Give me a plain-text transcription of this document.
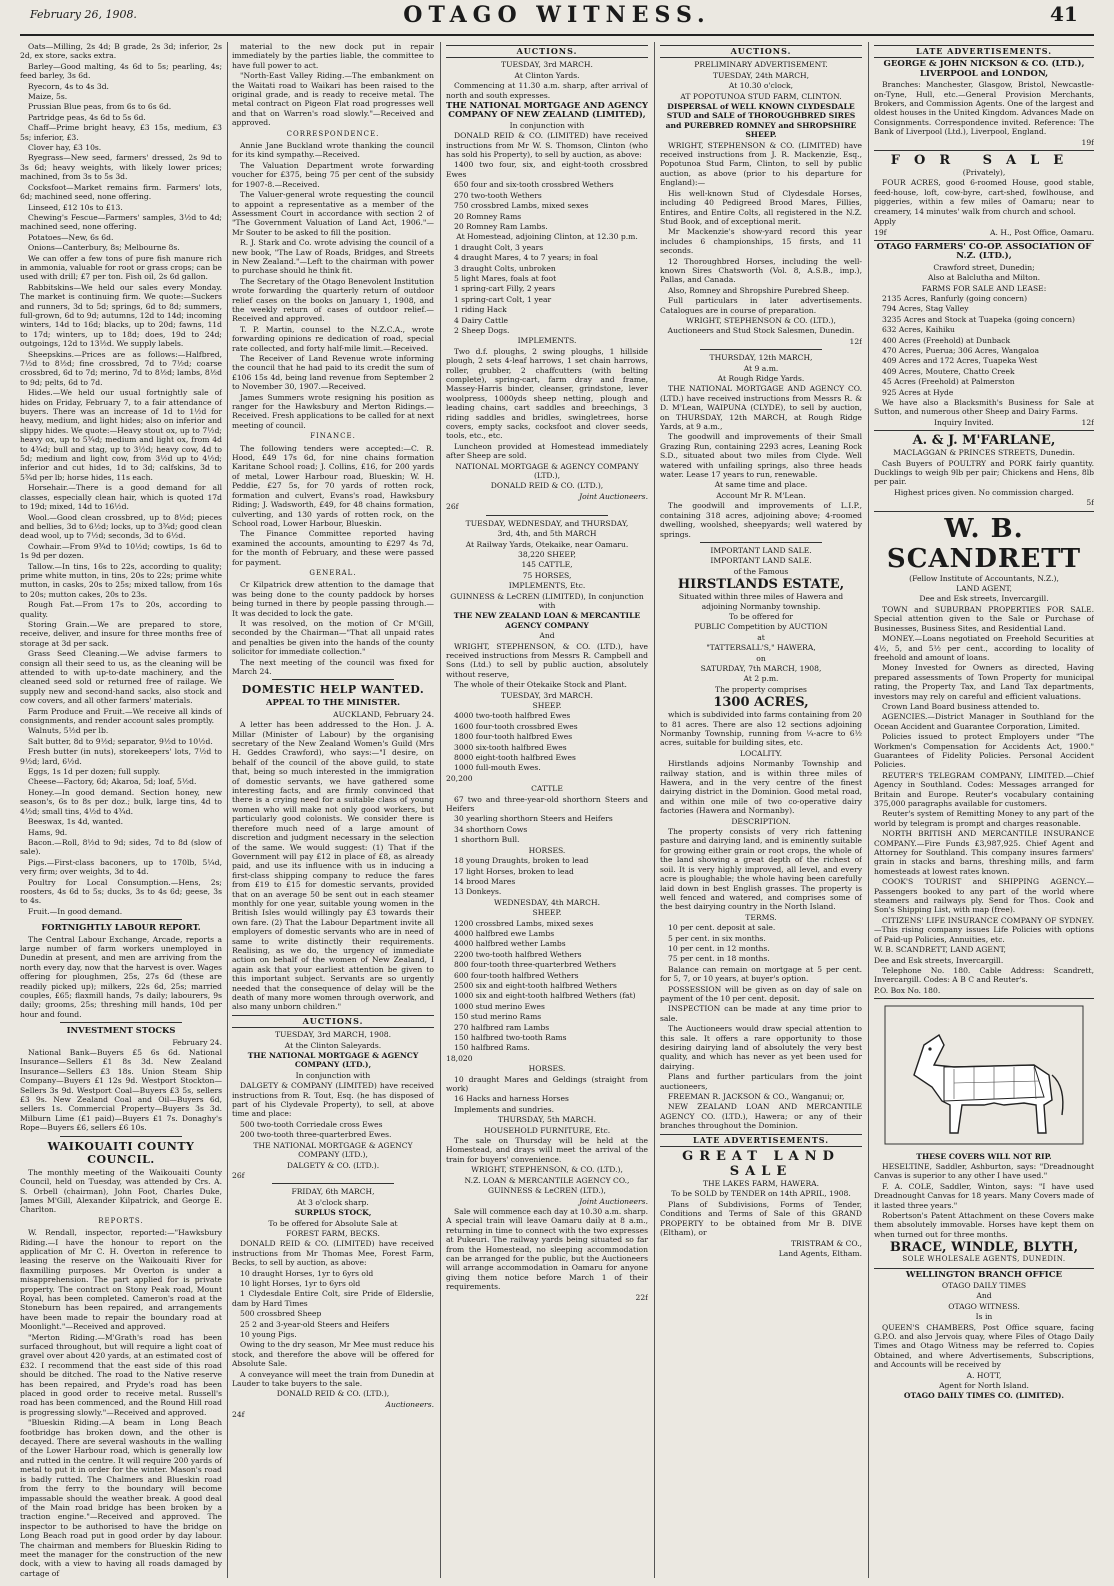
February 26, 1908.	OTAGO WITNESS.	41

Oats—Milling, 2s 4d; B grade, 2s 3d; inferior, 2s 2d, ex store, sacks extra.

Barley—Good malting, 4s 6d to 5s; pearling, 4s; feed barley, 3s 6d.

Ryecorn, 4s to 4s 3d.

Maize, 5s.

Prussian Blue peas, from 6s to 6s 6d.

Partridge peas, 4s 6d to 5s 6d.

Chaff—Prime bright heavy, £3 15s, medium, £3 5s; inferior, £3.

Clover hay, £3 10s.

Ryegrass—New seed, farmers' dressed, 2s 9d to 3s 6d; heavy weights, with likely lower prices; machined, from 3s to 5s 3d.

Cocksfoot—Market remains firm. Farmers' lots, 6d; machined seed, none offering.

Linseed, £12 10s to £13.

Chewing's Fescue—Farmers' samples, 3½d to 4d; machined seed, none offering.

Potatoes—New, 6s 6d.

Onions—Canterbury, 8s; Melbourne 8s.

We can offer a few tons of pure fish manure rich in ammonia, valuable for root or grass crops; can be used with drill; £7 per ton. Fish oil, 2s 6d gallon.

Rabbitskins—We held our sales every Monday. The market is continuing firm. We quote:—Suckers and runners, 3d to 5d; springs, 6d to 8d; summers, full-grown, 6d to 9d; autumns, 12d to 14d; incoming winters, 14d to 16d; blacks, up to 20d; fawns, 11d to 17d; winters, up to 18d; does, 19d to 24d; outgoings, 12d to 13½d. We supply labels.

Sheepskins.—Prices are as follows:—Halfbred, 7½d to 8½d; fine crossbred, 7d to 7½d; coarse crossbred, 6d to 7d; merino, 7d to 8½d; lambs, 8½d to 9d; pelts, 6d to 7d.

Hides.—We held our usual fortnightly sale of hides on Friday, February 7, to a fair attendance of buyers. There was an increase of 1d to 1½d for heavy, medium, and light hides; also on inferior and slippy hides. We quote:—Heavy stout ox, up to 7½d; heavy ox, up to 5¾d; medium and light ox, from 4d to 4¾d; bull and stag, up to 3½d; heavy cow, 4d to 5d; medium and light cow, from 3½d up to 4½d; inferior and cut hides, 1d to 3d; calfskins, 3d to 5¾d per lb; horse hides, 11s each.

Horsehair.—There is a good demand for all classes, especially clean hair, which is quoted 17d to 19d; mixed, 14d to 16½d.

Wool.—Good clean crossbred, up to 8½d; pieces and bellies, 3d to 6½d; locks, up to 3¾d; good clean dead wool, up to 7½d; seconds, 3d to 6½d.

Cowhair.—From 9¾d to 10½d; cowtips, 1s 6d to 1s 9d per dozen.

Tallow.—In tins, 16s to 22s, according to quality; prime white mutton, in tins, 20s to 22s; prime white mutton, in casks, 20s to 25s; mixed tallow, from 16s to 20s; mutton cakes, 20s to 23s.

Rough Fat.—From 17s to 20s, according to quality.

Storing Grain.—We are prepared to store, receive, deliver, and insure for three months free of storage at 3d per sack.

Grass Seed Cleaning.—We advise farmers to consign all their seed to us, as the cleaning will be attended to with up-to-date machinery, and the cleaned seed sold or returned free of railage. We supply new and second-hand sacks, also stock and cow covers, and all other farmers' materials.

Farm Produce and Fruit.—We receive all kinds of consignments, and render account sales promptly.

Walnuts, 5½d per lb.

Salt butter, 8d to 9½d; separator, 9½d to 10½d.

Fresh butter (in nuts), storekeepers' lots, 7½d to 9½d; lard, 6½d.

Eggs, 1s 1d per dozen; full supply.

Cheese—Factory, 6d; Akaroa, 5d; loaf, 5½d.

Honey.—In good demand. Section honey, new season's, 6s to 8s per doz.; bulk, large tins, 4d to 4½d; small tins, 4½d to 4¾d.

Beeswax, 1s 4d, wanted.

Hams, 9d.

Bacon.—Roll, 8½d to 9d; sides, 7d to 8d (slow of sale).

Pigs.—First-class baconers, up to 170lb, 5¼d, very firm; over weights, 3d to 4d.

Poultry for Local Consumption.—Hens, 2s; roosters, 4s 6d to 5s; ducks, 3s to 4s 6d; geese, 3s to 4s.

Fruit.—In good demand.

FORTNIGHTLY LABOUR REPORT.

The Central Labour Exchange, Arcade, reports a large number of farm workers unemployed in Dunedin at present, and men are arriving from the north every day, now that the harvest is over. Wages offering for ploughmen, 25s, 27s 6d (these are readily picked up); milkers, 22s 6d, 25s; married couples, £65; flaxmill hands, 7s daily; labourers, 9s daily; grooms, 25s; threshing mill hands, 10d per hour and found.

INVESTMENT STOCKS

February 24.

National Bank—Buyers £5 6s 6d. National Insurance—Sellers £1 8s 3d. New Zealand Insurance—Sellers £3 18s. Union Steam Ship Company—Buyers £1 12s 9d. Westport Stockton—Sellers 3s 9d. Westport Coal—Buyers £3 5s, sellers £3 9s. New Zealand Coal and Oil—Buyers 6d, sellers 1s. Commercial Property—Buyers 3s 3d. Milburn Lime (£1 paid)—Buyers £1 7s. Donaghy's Rope—Buyers £6, sellers £6 10s.

WAIKOUAITI COUNTY COUNCIL.

The monthly meeting of the Waikouaiti County Council, held on Tuesday, was attended by Crs. A. S. Orbell (chairman), John Foot, Charles Duke, James M'Gill, Alexander Kilpatrick, and George E. Charlton.

REPORTS.

W. Rendall, inspector, reported:—"Hawksbury Riding.—I have the honour to report on the application of Mr C. H. Overton in reference to leasing the reserve on the Waikouaiti River for flaxmilling purposes. Mr Overton is under a misapprehension. The part applied for is private property. The contract on Stony Peak road, Mount Royal, has been completed. Cameron's road at the Stoneburn has been repaired, and arrangements have been made to repair the boundary road at Moonlight."—Received and approved.

"Merton Riding.—M'Grath's road has been surfaced throughout, but will require a light coat of gravel over about 420 yards, at an estimated cost of £32. I recommend that the east side of this road should be ditched. The road to the Native reserve has been repaired, and Pryde's road has been placed in good order to receive metal. Russell's road has been commenced, and the Round Hill road is progressing slowly."—Received and approved.

"Blueskin Riding.—A beam in Long Beach footbridge has broken down, and the other is decayed. There are several washouts in the walling of the Lower Harbour road, which is generally low and rutted in the centre. It will require 200 yards of metal to put it in order for the winter. Mason's road is badly rutted. The Chalmers and Blueskin road from the ferry to the boundary will become impassable should the weather break. A good deal of the Main road bridge has been broken by a traction engine."—Received and approved. The inspector to be authorised to have the bridge on Long Beach road put in good order by day labour. The chairman and members for Blueskin Riding to meet the manager for the construction of the new dock, with a view to having all roads damaged by cartage of

material to the new dock put in repair immediately by the parties liable, the committee to have full power to act.

"North-East Valley Riding.—The embankment on the Waitati road to Waikari has been raised to the original grade, and is ready to receive metal. The metal contract on Pigeon Flat road progresses well and that on Warren's road slowly."—Received and approved.

CORRESPONDENCE.

Annie Jane Buckland wrote thanking the council for its kind sympathy.—Received.

The Valuation Department wrote forwarding voucher for £375, being 75 per cent of the subsidy for 1907-8.—Received.

The Valuer-general wrote requesting the council to appoint a representative as a member of the Assessment Court in accordance with section 2 of "The Government Valuation of Land Act, 1906."—Mr Souter to be asked to fill the position.

R. J. Stark and Co. wrote advising the council of a new book, "The Law of Roads, Bridges, and Streets in New Zealand."—Left to the chairman with power to purchase should he think fit.

The Secretary of the Otago Benevolent Institution wrote forwarding the quarterly return of outdoor relief cases on the books on January 1, 1908, and the weekly return of cases of outdoor relief.—Received and approved.

T. P. Martin, counsel to the N.Z.C.A., wrote forwarding opinions re dedication of road, special rate collected, and forty half-mile limit.—Received.

The Receiver of Land Revenue wrote informing the council that he had paid to its credit the sum of £106 15s 4d, being land revenue from September 2 to November 30, 1907.—Received.

James Summers wrote resigning his position as ranger for the Hawksbury and Merton Ridings.—Received. Fresh applications to be called for at next meeting of council.

FINANCE.

The following tenders were accepted:—C. R. Hood, £49 17s 6d, for nine chains formation Karitane School road; J. Collins, £16, for 200 yards of metal, Lower Harbour road, Blueskin; W. H. Peddie, £27 5s, for 70 yards of rotten rock, formation and culvert, Evans's road, Hawksbury Riding; J. Wadsworth, £49, for 48 chains formation, culverting, and 130 yards of rotten rock, on the School road, Lower Harbour, Blueskin.

The Finance Committee reported having examined the accounts, amounting to £297 4s 7d, for the month of February, and these were passed for payment.

GENERAL.

Cr Kilpatrick drew attention to the damage that was being done to the county paddock by horses being turned in there by people passing through.—It was decided to lock the gate.

It was resolved, on the motion of Cr M'Gill, seconded by the Chairman—"That all unpaid rates and penalties be given into the hands of the county solicitor for immediate collection."

The next meeting of the council was fixed for March 24.

DOMESTIC HELP WANTED.
APPEAL TO THE MINISTER.

AUCKLAND, February 24.

A letter has been addressed to the Hon. J. A. Millar (Minister of Labour) by the organising secretary of the New Zealand Women's Guild (Mrs H. Geddes Crawford), who says:—"I desire, on behalf of the council of the above guild, to state that, being so much interested in the immigration of domestic servants, we have gathered some interesting facts, and are firmly convinced that there is a crying need for a suitable class of young women who will make not only good workers, but particularly good colonists. We consider there is therefore much need of a large amount of discretion and judgment necessary in the selection of the same. We would suggest: (1) That if the Government will pay £12 in place of £8, as already paid, and use its influence with us in inducing a first-class shipping company to reduce the fares from £19 to £15 for domestic servants, provided that on an average 50 be sent out in each steamer monthly for one year, suitable young women in the British Isles would willingly pay £3 towards their own fare. (2) That the Labour Department invite all employers of domestic servants who are in need of same to write distinctly their requirements. Realising, as we do, the urgency of immediate action on behalf of the women of New Zealand, I again ask that your earliest attention be given to this important subject. Servants are so urgently needed that the consequence of delay will be the death of many more women through overwork, and also many unborn children."

AUCTIONS.

TUESDAY, 3rd MARCH, 1908.

At the Clinton Saleyards.

THE NATIONAL MORTGAGE & AGENCY COMPANY (LTD.),

In conjunction with

DALGETY & COMPANY (LIMITED) have received instructions from R. Tout, Esq. (he has disposed of part of his Clydevale Property), to sell, at above time and place:

500 two-tooth Corriedale cross Ewes

200 two-tooth three-quarterbred Ewes.

THE NATIONAL MORTGAGE & AGENCY COMPANY (LTD.),

DALGETY & CO. (LTD.).

26f

FRIDAY, 6th MARCH,

At 3 o'clock sharp.

SURPLUS STOCK,

To be offered for Absolute Sale at

FOREST FARM, BECKS.

DONALD REID & CO. (LIMITED) have received instructions from Mr Thomas Mee, Forest Farm, Becks, to sell by auction, as above:

10 draught Horses, 1yr to 6yrs old

10 light Horses, 1yr to 6yrs old

1 Clydesdale Entire Colt, sire Pride of Elderslie, dam by Hard Times

500 crossbred Sheep

25 2 and 3-year-old Steers and Heifers

10 young Pigs.

Owing to the dry season, Mr Mee must reduce his stock, and therefore the above will be offered for Absolute Sale.

A conveyance will meet the train from Dunedin at Lauder to take buyers to the sale.

DONALD REID & CO. (LTD.),

Auctioneers.

24f

AUCTIONS.

TUESDAY, 3rd MARCH.

At Clinton Yards.

Commencing at 11.30 a.m. sharp, after arrival of north and south expresses.

THE NATIONAL MORTGAGE AND AGENCY COMPANY OF NEW ZEALAND (LIMITED),

In conjunction with

DONALD REID & CO. (LIMITED) have received instructions from Mr W. S. Thomson, Clinton (who has sold his Property), to sell by auction, as above:

1400 two four, six, and eight-tooth crossbred Ewes

650 four and six-tooth crossbred Wethers

270 two-tooth Wethers

750 crossbred Lambs, mixed sexes

20 Romney Rams

20 Romney Ram Lambs.

At Homestead, adjoining Clinton, at 12.30 p.m.

1 draught Colt, 3 years

4 draught Mares, 4 to 7 years; in foal

3 draught Colts, unbroken

5 light Mares, foals at foot

1 spring-cart Filly, 2 years

1 spring-cart Colt, 1 year

1 riding Hack

4 Dairy Cattle

2 Sheep Dogs.

IMPLEMENTS.

Two d.f. ploughs, 2 swing ploughs, 1 hillside plough, 2 sets 4-leaf harrows, 1 set chain harrows, roller, grubber, 2 chaffcutters (with belting complete), spring-cart, farm dray and frame, Massey-Harris binder, cleanser, grindstone, lever woolpress, 1000yds sheep netting, plough and leading chains, cart saddles and breechings, 3 riding saddles and bridles, swingletrees, horse covers, empty sacks, cocksfoot and clover seeds, tools, etc., etc.

Luncheon provided at Homestead immediately after Sheep are sold.

NATIONAL MORTGAGE & AGENCY COMPANY (LTD.),

DONALD REID & CO. (LTD.),

Joint Auctioneers.

26f

TUESDAY, WEDNESDAY, and THURSDAY,

3rd, 4th, and 5th MARCH

At Railway Yards, Otekaike, near Oamaru.

38,220 SHEEP,

145 CATTLE,

75 HORSES,

IMPLEMENTS, Etc.

GUINNESS & LeCREN (LIMITED), In conjunction with

THE NEW ZEALAND LOAN & MERCANTILE AGENCY COMPANY

And

WRIGHT, STEPHENSON, & CO. (LTD.), have received instructions from Messrs R. Campbell and Sons (Ltd.) to sell by public auction, absolutely without reserve,

The whole of their Otekaike Stock and Plant.

TUESDAY, 3rd MARCH.

SHEEP.

4000 two-tooth halfbred Ewes

1600 four-tooth crossbred Ewes

1800 four-tooth halfbred Ewes

3000 six-tooth halfbred Ewes

8000 eight-tooth halfbred Ewes

1000 full-mouth Ewes.

20,200

CATTLE

67 two and three-year-old shorthorn Steers and Heifers

30 yearling shorthorn Steers and Heifers

34 shorthorn Cows

1 shorthorn Bull.

HORSES.

18 young Draughts, broken to lead

17 light Horses, broken to lead

14 brood Mares

13 Donkeys.

WEDNESDAY, 4th MARCH.

SHEEP.

1200 crossbred Lambs, mixed sexes

4000 halfbred ewe Lambs

4000 halfbred wether Lambs

2200 two-tooth halfbred Wethers

800 four-tooth three-quarterbred Wethers

600 four-tooth halfbred Wethers

2500 six and eight-tooth halfbred Wethers

1000 six and eight-tooth halfbred Wethers (fat)

1000 stud merino Ewes

150 stud merino Rams

270 halfbred ram Lambs

150 halfbred two-tooth Rams

150 halfbred Rams.

18,020

HORSES.

10 draught Mares and Geldings (straight from work)

16 Hacks and harness Horses

Implements and sundries.

THURSDAY, 5th MARCH.

HOUSEHOLD FURNITURE, Etc.

The sale on Thursday will be held at the Homestead, and drays will meet the arrival of the train for buyers' convenience.

WRIGHT, STEPHENSON, & CO. (LTD.),

N.Z. LOAN & MERCANTILE AGENCY CO.,

GUINNESS & LeCREN (LTD.),

Joint Auctioneers.

Sale will commence each day at 10.30 a.m. sharp. A special train will leave Oamaru daily at 8 a.m., returning in time to connect with the two expresses at Pukeuri. The railway yards being situated so far from the Homestead, no sleeping accommodation can be arranged for the public, but the Auctioneers will arrange accommodation in Oamaru for anyone giving them notice before March 1 of their requirements.

22f

AUCTIONS.

PRELIMINARY ADVERTISEMENT.

TUESDAY, 24th MARCH,

At 10.30 o'clock,

AT POPOTUNOA STUD FARM, CLINTON.

DISPERSAL of WELL KNOWN CLYDESDALE STUD and SALE of THOROUGHBRED SIRES and PUREBRED ROMNEY and SHROPSHIRE SHEEP.

WRIGHT, STEPHENSON & CO. (LIMITED) have received instructions from J. R. Mackenzie, Esq., Popotunoa Stud Farm, Clinton, to sell by public auction, as above (prior to his departure for England):—

His well-known Stud of Clydesdale Horses, including 40 Pedigreed Brood Mares, Fillies, Entires, and Entire Colts, all registered in the N.Z. Stud Book, and of exceptional merit.

Mr Mackenzie's show-yard record this year includes 6 championships, 15 firsts, and 11 seconds.

12 Thoroughbred Horses, including the well-known Sires Chatsworth (Vol. 8, A.S.B., imp.), Pallas, and Canada.

Also, Romney and Shropshire Purebred Sheep.

Full particulars in later advertisements. Catalogues are in course of preparation.

WRIGHT, STEPHENSON & CO. (LTD.),

Auctioneers and Stud Stock Salesmen, Dunedin.

12f

THURSDAY, 12th MARCH,

At 9 a.m.

At Rough Ridge Yards.

THE NATIONAL MORTGAGE AND AGENCY CO. (LTD.) have received instructions from Messrs R. & D. M'Lean, WAIPUNA (CLYDE), to sell by auction, on THURSDAY, 12th MARCH, at Rough Ridge Yards, at 9 a.m.,

The goodwill and improvements of their Small Grazing Run, containing 2293 acres, Leaning Rock S.D., situated about two miles from Clyde. Well watered with unfailing springs, also three heads water. Lease 17 years to run, renewable.

At same time and place.

Account Mr R. M'Lean.

The goodwill and improvements of L.I.P., containing 318 acres, adjoining above; 4-roomed dwelling, woolshed, sheepyards; well watered by springs.

IMPORTANT LAND SALE.

IMPORTANT LAND SALE.

of the Famous

HIRSTLANDS ESTATE,

Situated within three miles of Hawera and adjoining Normanby township.

To be offered for

PUBLIC Competition by AUCTION

at

"TATTERSALL'S," HAWERA,

on

SATURDAY, 7th MARCH, 1908,

At 2 p.m.

The property comprises

1300 ACRES,

which is subdivided into farms containing from 20 to 81 acres. There are also 12 sections adjoining Normanby Township, running from ¼-acre to 6½ acres, suitable for building sites, etc.

LOCALITY.

Hirstlands adjoins Normanby Township and railway station, and is within three miles of Hawera, and in the very centre of the finest dairying district in the Dominion. Good metal road, and within one mile of two co-operative dairy factories (Hawera and Normanby).

DESCRIPTION.

The property consists of very rich fattening pasture and dairying land, and is eminently suitable for growing either grain or root crops, the whole of the land showing a great depth of the richest of soil. It is very highly improved, all level, and every acre is ploughable; the whole having been carefully laid down in best English grasses. The property is well fenced and watered, and comprises some of the best dairying country in the North Island.

TERMS.

10 per cent. deposit at sale.

5 per cent. in six months.

10 per cent. in 12 months.

75 per cent. in 18 months.

Balance can remain on mortgage at 5 per cent. for 5, 7, or 10 years, at buyer's option.

POSSESSION will be given as on day of sale on payment of the 10 per cent. deposit.

INSPECTION can be made at any time prior to sale.

The Auctioneers would draw special attention to this sale. It offers a rare opportunity to those desiring dairying land of absolutely the very best quality, and which has never as yet been used for dairying.

Plans and further particulars from the joint auctioneers,

FREEMAN R. JACKSON & CO., Wanganui; or,

NEW ZEALAND LOAN AND MERCANTILE AGENCY CO. (LTD.), Hawera; or any of their branches throughout the Dominion.

LATE ADVERTISEMENTS.
GREAT LAND SALE

THE LAKES FARM, HAWERA.

To be SOLD by TENDER on 14th APRIL, 1908.

Plans of Subdivisions, Forms of Tender, Conditions and Terms of Sale of this GRAND PROPERTY to be obtained from Mr B. DIVE (Eltham), or

TRISTRAM & CO.,

Land Agents, Eltham.

LATE ADVERTISEMENTS.

GEORGE & JOHN NICKSON & CO. (LTD.), LIVERPOOL and LONDON,

Branches: Manchester, Glasgow, Bristol, Newcastle-on-Tyne, Hull, etc.—General Provision Merchants, Brokers, and Commission Agents. One of the largest and oldest houses in the United Kingdom. Advances Made on Consignments. Correspondence invited. Reference: The Bank of Liverpool (Ltd.), Liverpool, England.

19f

FOR SALE

(Privately),

FOUR ACRES, good 6-roomed House, good stable, feed-house, loft, cow-byre, cart-shed, fowlhouse, and piggeries, within a few miles of Oamaru; near to creamery, 14 minutes' walk from church and school.

Apply

19f	A. H., Post Office, Oamaru.

OTAGO FARMERS' CO-OP. ASSOCIATION OF N.Z. (LTD.),

Crawford street, Dunedin;

Also at Balclutha and Milton.

FARMS FOR SALE AND LEASE:

2135 Acres, Ranfurly (going concern)

794 Acres, Stag Valley

3235 Acres and Stock at Tuapeka (going concern)

632 Acres, Kaihiku

400 Acres (Freehold) at Dunback

470 Acres, Puerua; 306 Acres, Wangaloa

409 Acres and 172 Acres, Tuapeka West

409 Acres, Moutere, Chatto Creek

45 Acres (Freehold) at Palmerston

925 Acres at Hyde

We have also a Blacksmith's Business for Sale at Sutton, and numerous other Sheep and Dairy Farms.

Inquiry Invited.	12f

A. & J. M'FARLANE,

MACLAGGAN & PRINCES STREETS, Dunedin.

Cash Buyers of POULTRY and PORK fairly quantity. Ducklings to weigh 9lb per pair; Chickens and Hens, 8lb per pair.

Highest prices given. No commission charged.

5f

W. B. SCANDRETT

(Fellow Institute of Accountants, N.Z.),

LAND AGENT,

Dee and Esk streets, Invercargill.

TOWN and SUBURBAN PROPERTIES FOR SALE. Special attention given to the Sale or Purchase of Businesses, Business Sites, and Residential Land.

MONEY.—Loans negotiated on Freehold Securities at 4½, 5, and 5½ per cent., according to locality of freehold and amount of loans.

Money Invested for Owners as directed, Having prepared assessments of Town Property for municipal rating, the Property Tax, and Land Tax departments, investors may rely on careful and efficient valuations.

Crown Land Board business attended to.

AGENCIES.—District Manager in Southland for the Ocean Accident and Guarantee Corporation, Limited.

Policies issued to protect Employers under "The Workmen's Compensation for Accidents Act, 1900." Guarantees of Fidelity Policies. Personal Accident Policies.

REUTER'S TELEGRAM COMPANY, LIMITED.—Chief Agency in Southland. Codes: Messages arranged for Britain and Europe. Reuter's vocabulary containing 375,000 paragraphs available for customers.

Reuter's system of Remitting Money to any part of the world by telegram is prompt and charges reasonable.

NORTH BRITISH AND MERCANTILE INSURANCE COMPANY.—Fire Funds £3,987,925. Chief Agent and Attorney for Southland. This company insures farmers' grain in stacks and barns, threshing mills, and farm homesteads at lowest rates known.

COOK'S TOURIST and SHIPPING AGENCY.—Passengers booked to any part of the world where steamers and railways ply. Send for Thos. Cook and Son's Shipping List, with map (free).

CITIZENS' LIFE INSURANCE COMPANY OF SYDNEY.—This rising company issues Life Policies with options of Paid-up Policies, Annuities, etc.

W. B. SCANDRETT, LAND AGENT,

Dee and Esk streets, Invercargill.

Telephone No. 180. Cable Address: Scandrett, Invercargill. Codes: A B C and Reuter's.

P.O. Box No. 180.

THESE COVERS WILL NOT RIP.

HESELTINE, Saddler, Ashburton, says: "Dreadnought Canvas is superior to any other I have used."

F. A. COLE, Saddler, Winton, says: "I have used Dreadnought Canvas for 18 years. Many Covers made of it lasted three years."

Robertson's Patent Attachment on these Covers make them absolutely immovable. Horses have kept them on when turned out for three months.

BRACE, WINDLE, BLYTH,

SOLE WHOLESALE AGENTS, DUNEDIN.

WELLINGTON BRANCH OFFICE

OTAGO DAILY TIMES

And

OTAGO WITNESS.

Is in

QUEEN'S CHAMBERS, Post Office square, facing G.P.O. and also Jervois quay, where Files of Otago Daily Times and Otago Witness may be referred to. Copies Obtained, and where Advertisements, Subscriptions, and Accounts will be received by

A. HOTT,

Agent for North Island.

OTAGO DAILY TIMES CO. (LIMITED).
